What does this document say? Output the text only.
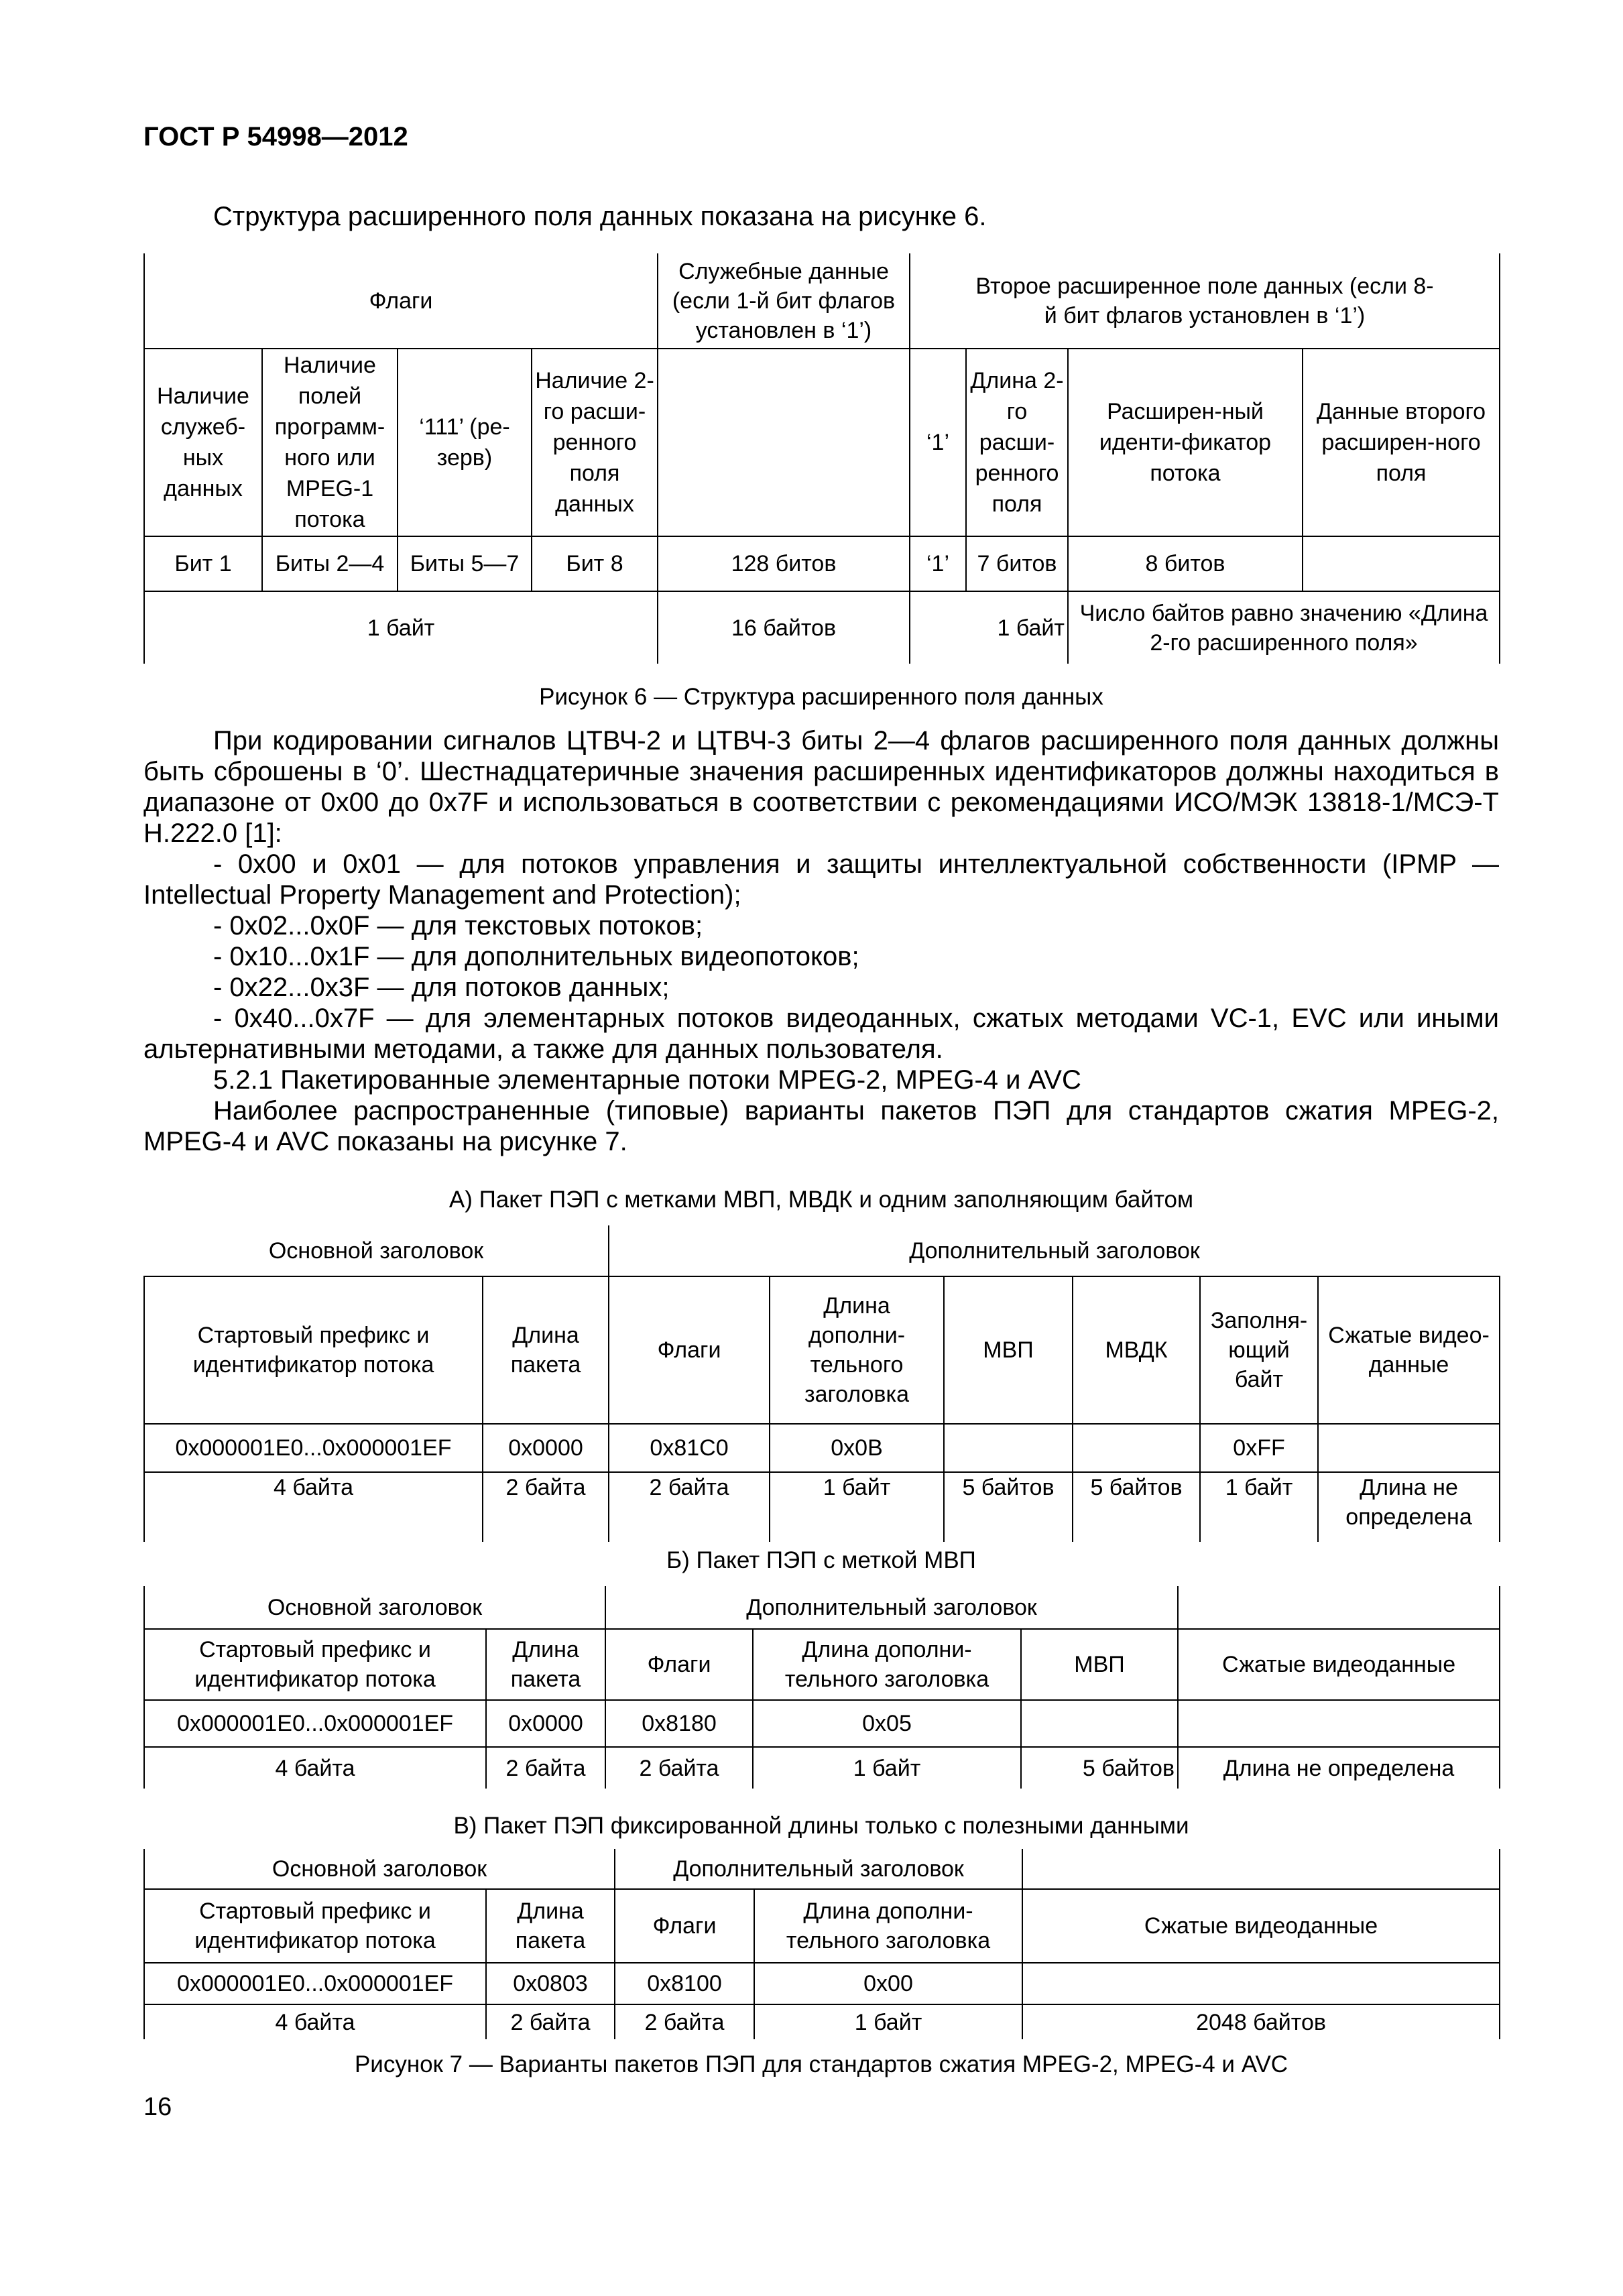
ГОСТ Р 54998—2012
Структура расширенного поля данных показана на рисунке 6.
Флаги				Служебные данные (если 1-й бит флагов установлен в ‘1’)	Второе расширенное поле данных (если 8-й бит флагов установлен в ‘1’)			
Наличие служеб-ных данных	Наличие полей программ-ного или MPEG-1 потока	‘111’ (ре-зерв)	Наличие 2-го расши-ренного поля данных		‘1’	Длина 2-го расши-ренного поля	Расширен-ный иденти-фикатор потока	Данные второго расширен-ного поля
Бит 1	Биты 2—4	Биты 5—7	Бит 8	128 битов	‘1’	7 битов	8 битов	
1 байт				16 байтов	1 байт		Число байтов равно значению «Длина 2-го расширенного поля»	
Рисунок 6 — Структура расширенного поля данных
При кодировании сигналов ЦТВЧ-2 и ЦТВЧ-3 биты 2—4 флагов расширенного поля данных должны быть сброшены в ‘0’. Шестнадцатеричные значения расширенных идентификаторов должны находиться в диапазоне от 0x00 до 0x7F и использоваться в соответствии с рекомендациями ИСО/МЭК 13818-1/МСЭ-Т H.222.0 [1]:
- 0x00 и 0x01 — для потоков управления и защиты интеллектуальной собственности (IPMP — Intellectual Property Management and Protection);
- 0x02...0x0F — для текстовых потоков;
- 0x10...0x1F — для дополнительных видеопотоков;
- 0x22...0x3F — для потоков данных;
- 0x40...0x7F — для элементарных потоков видеоданных, сжатых методами VC-1, EVC или иными альтернативными методами, а также для данных пользователя.
5.2.1 Пакетированные элементарные потоки MPEG-2, MPEG-4 и AVC
Наиболее распространенные (типовые) варианты пакетов ПЭП для стандартов сжатия MPEG-2, MPEG-4 и AVC показаны на рисунке 7.
А) Пакет ПЭП с метками МВП, МВДК и одним заполняющим байтом
Основной заголовок		Дополнительный заголовок					
Стартовый префикс и идентификатор потока	Длина пакета	Флаги	Длина дополни-тельного заголовка	МВП	МВДК	Заполня-ющий байт	Сжатые видео-данные
0x000001E0...0x000001EF	0x0000	0x81C0	0x0B			0xFF	
4 байта	2 байта	2 байта	1 байт	5 байтов	5 байтов	1 байт	Длина не определена
Б) Пакет ПЭП с меткой МВП
Основной заголовок		Дополнительный заголовок			
Стартовый префикс и идентификатор потока	Длина пакета	Флаги	Длина дополни-тельного заголовка	МВП	Сжатые видеоданные
0x000001E0...0x000001EF	0x0000	0x8180	0x05		
4 байта	2 байта	2 байта	1 байт	5 байтов	Длина не определена
В) Пакет ПЭП фиксированной длины только с полезными данными
Основной заголовок		Дополнительный заголовок		
Стартовый префикс и идентификатор потока	Длина пакета	Флаги	Длина дополни-тельного заголовка	Сжатые видеоданные
0x000001E0...0x000001EF	0x0803	0x8100	0x00	
4 байта	2 байта	2 байта	1 байт	2048 байтов
Рисунок 7 — Варианты пакетов ПЭП для стандартов сжатия MPEG-2, MPEG-4 и AVC
16
